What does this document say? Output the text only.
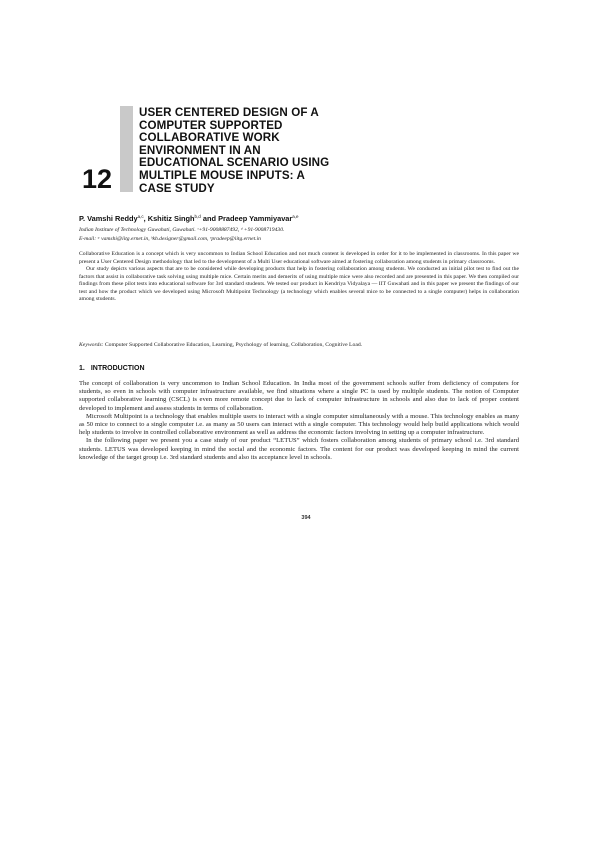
12
USER CENTERED DESIGN OF A
COMPUTER SUPPORTED
COLLABORATIVE WORK
ENVIRONMENT IN AN
EDUCATIONAL SCENARIO USING
MULTIPLE MOUSE INPUTS: A
CASE STUDY
P. Vamshi Reddy$^{a,c}$, Kshitiz Singh$^{b,d}$ and Pradeep Yammiyavar$^{a,e}$
Indian Institute of Technology Guwahati, Guwahati. ᶜ+91-9008887492, ᵈ +91-9008719430.
E-mail: ᵃ vamshi@iitg.ernet.in, ᵇkh.designer@gmail.com, ᵉpradeep@iitg.ernet.in

Collaborative Education is a concept which is very uncommon to Indian School Education and not much content is developed in order for it to be implemented in classrooms. In this paper we present a User Centered Design methodology that led to the development of a Multi User educational software aimed at fostering collaboration among students in primary classrooms.

Our study depicts various aspects that are to be considered while developing products that help in fostering collaboration among students. We conducted an initial pilot test to find out the factors that assist in collaborative task solving using multiple mice. Certain merits and demerits of using multiple mice were also recorded and are presented in this paper. We then compiled our findings from these pilot tests into educational software for 3rd standard students. We tested our product in Kendriya Vidyalaya — IIT Guwahati and in this paper we present the findings of our test and how the product which we developed using Microsoft Multipoint Technology (a technology which enables several mice to be connected to a single computer) helps in collaboration among students.

Keywords: Computer Supported Collaborative Education, Learning, Psychology of learning, Collaboration, Cognitive Load.
1. INTRODUCTION

The concept of collaboration is very uncommon to Indian School Education. In India most of the government schools suffer from deficiency of computers for students, so even in schools with computer infrastructure available, we find situations where a single PC is used by multiple students. The notion of Computer supported collaborative learning (CSCL) is even more remote concept due to lack of computer infrastructure in schools and also due to lack of proper content developed to implement and assess students in terms of collaboration.

Microsoft Multipoint is a technology that enables multiple users to interact with a single computer simultaneously with a mouse. This technology enables as many as 50 mice to connect to a single computer i.e. as many as 50 users can interact with a single computer. This technology would help build applications which would help students to involve in controlled collaborative environment as well as address the economic factors involving in setting up a computer infrastructure.

In the following paper we present you a case study of our product “LETUS” which fosters collaboration among students of primary school i.e. 3rd standard students. LETUS was developed keeping in mind the social and the economic factors. The content for our product was developed keeping in mind the current knowledge of the target group i.e. 3rd standard students and also its acceptance level in schools.

394
